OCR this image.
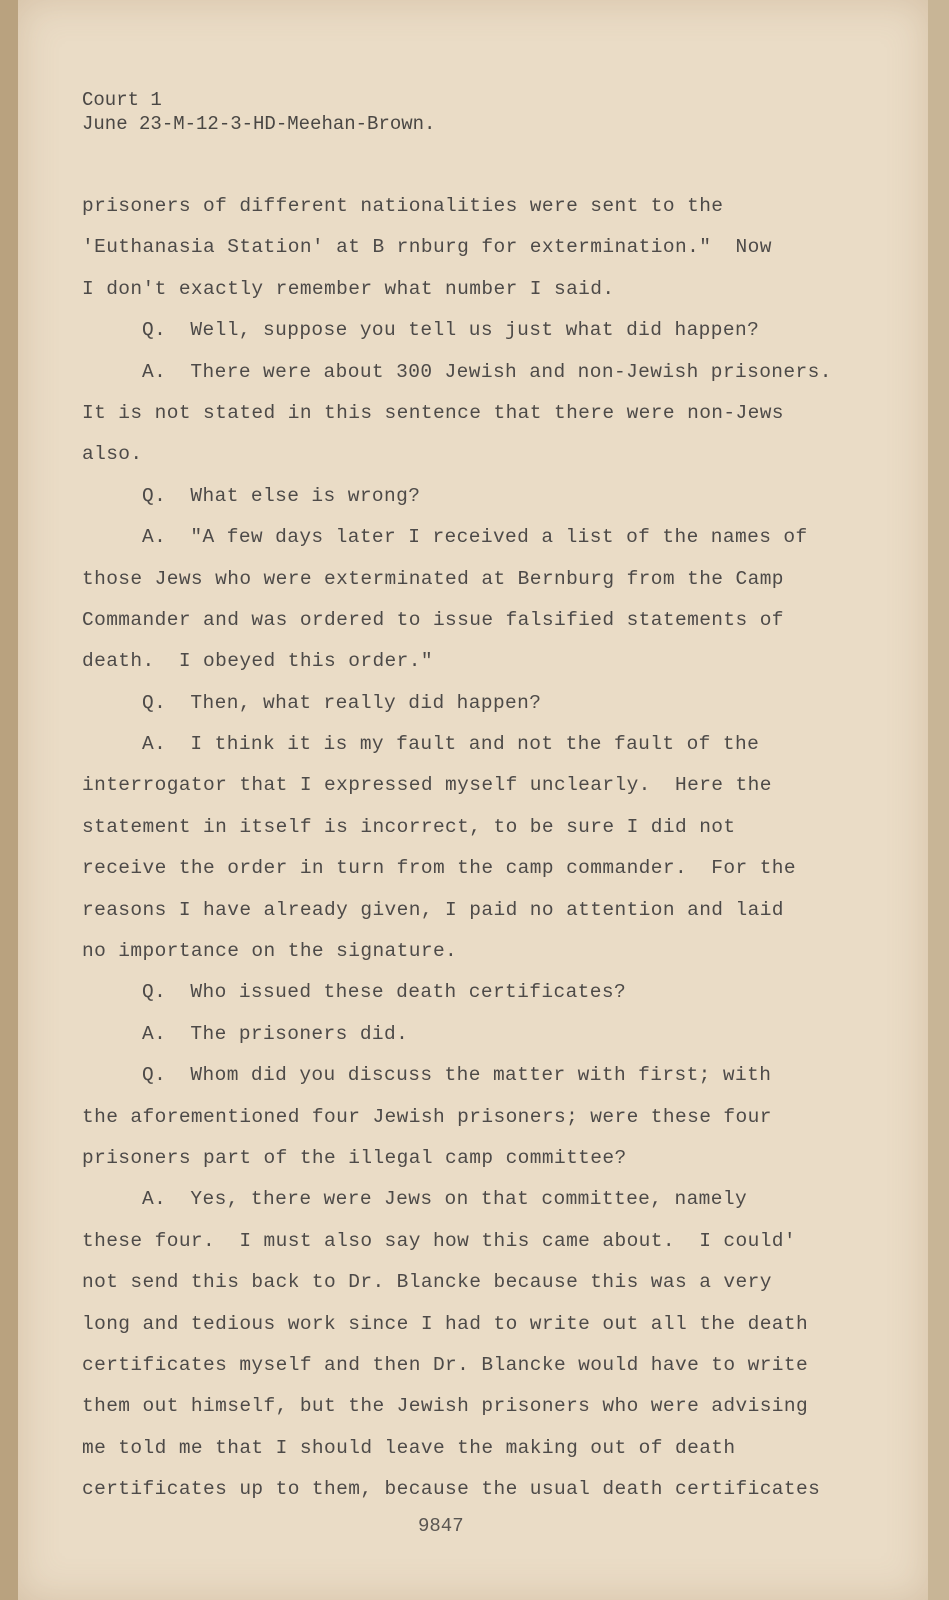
Court 1
June 23-M-12-3-HD-Meehan-Brown.
prisoners of different nationalities were sent to the
'Euthanasia Station' at B rnburg for extermination."  Now
I don't exactly remember what number I said.
Q.  Well, suppose you tell us just what did happen?
A.  There were about 300 Jewish and non-Jewish prisoners.
It is not stated in this sentence that there were non-Jews
also.
Q.  What else is wrong?
A.  "A few days later I received a list of the names of
those Jews who were exterminated at Bernburg from the Camp
Commander and was ordered to issue falsified statements of
death.  I obeyed this order."
Q.  Then, what really did happen?
A.  I think it is my fault and not the fault of the
interrogator that I expressed myself unclearly.  Here the
statement in itself is incorrect, to be sure I did not
receive the order in turn from the camp commander.  For the
reasons I have already given, I paid no attention and laid
no importance on the signature.
Q.  Who issued these death certificates?
A.  The prisoners did.
Q.  Whom did you discuss the matter with first; with
the aforementioned four Jewish prisoners; were these four
prisoners part of the illegal camp committee?
A.  Yes, there were Jews on that committee, namely
these four.  I must also say how this came about.  I could'
not send this back to Dr. Blancke because this was a very
long and tedious work since I had to write out all the death
certificates myself and then Dr. Blancke would have to write
them out himself, but the Jewish prisoners who were advising
me told me that I should leave the making out of death
certificates up to them, because the usual death certificates
9847
